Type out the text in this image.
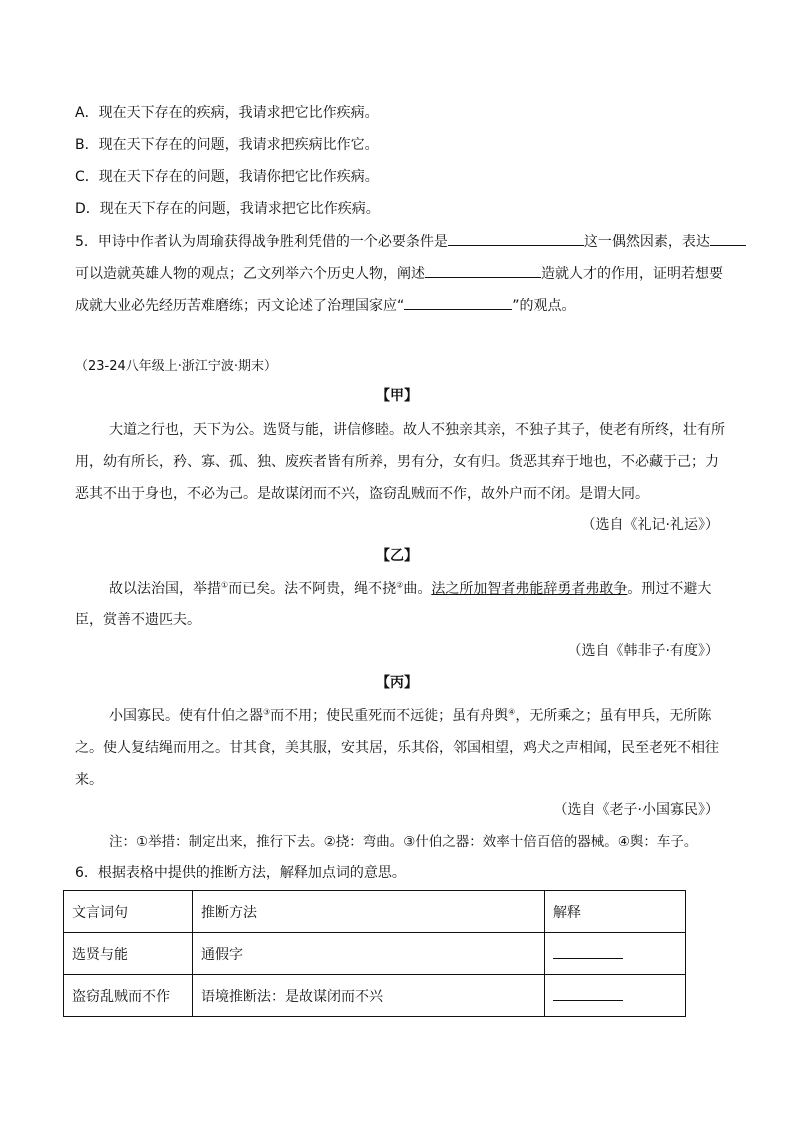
A．现在天下存在的疾病，我请求把它比作疾病。
B．现在天下存在的问题，我请求把疾病比作它。
C．现在天下存在的问题，我请你把它比作疾病。
D．现在天下存在的问题，我请求把它比作疾病。
5．甲诗中作者认为周瑜获得战争胜利凭借的一个必要条件是	这一偶然因素，表达
可以造就英雄人物的观点；乙文列举六个历史人物，阐述	造就人才的作用，证明若想要
成就大业必先经历苦难磨练；丙文论述了治理国家应“	”的观点。
（23-24八年级上·浙江宁波·期末）
【甲】
大道之行也，天下为公。选贤与能，讲信修睦。故人不独亲其亲，不独子其子，使老有所终，壮有所
用，幼有所长，矜、寡、孤、独、废疾者皆有所养，男有分，女有归。货恶其弃于地也，不必藏于己；力
恶其不出于身也，不必为己。是故谋闭而不兴，盗窃乱贼而不作，故外户而不闭。是谓大同。
（选自《礼记·礼运》）
【乙】
故以法治国，举措①而已矣。法不阿贵，绳不挠②曲。法之所加智者弗能辞勇者弗敢争。刑过不避大
臣，赏善不遗匹夫。
（选自《韩非子·有度》）
【丙】
小国寡民。使有什伯之器③而不用；使民重死而不远徙；虽有舟舆④，无所乘之；虽有甲兵，无所陈
之。使人复结绳而用之。甘其食，美其服，安其居，乐其俗，邻国相望，鸡犬之声相闻，民至老死不相往
来。
（选自《老子·小国寡民》）
注：①举措：制定出来，推行下去。②挠：弯曲。③什伯之器：效率十倍百倍的器械。④舆：车子。
6．根据表格中提供的推断方法，解释加点词的意思。
文言词句	推断方法	解释
选贤与能	通假字	
盗窃乱贼而不作	语境推断法：是故谋闭而不兴	
